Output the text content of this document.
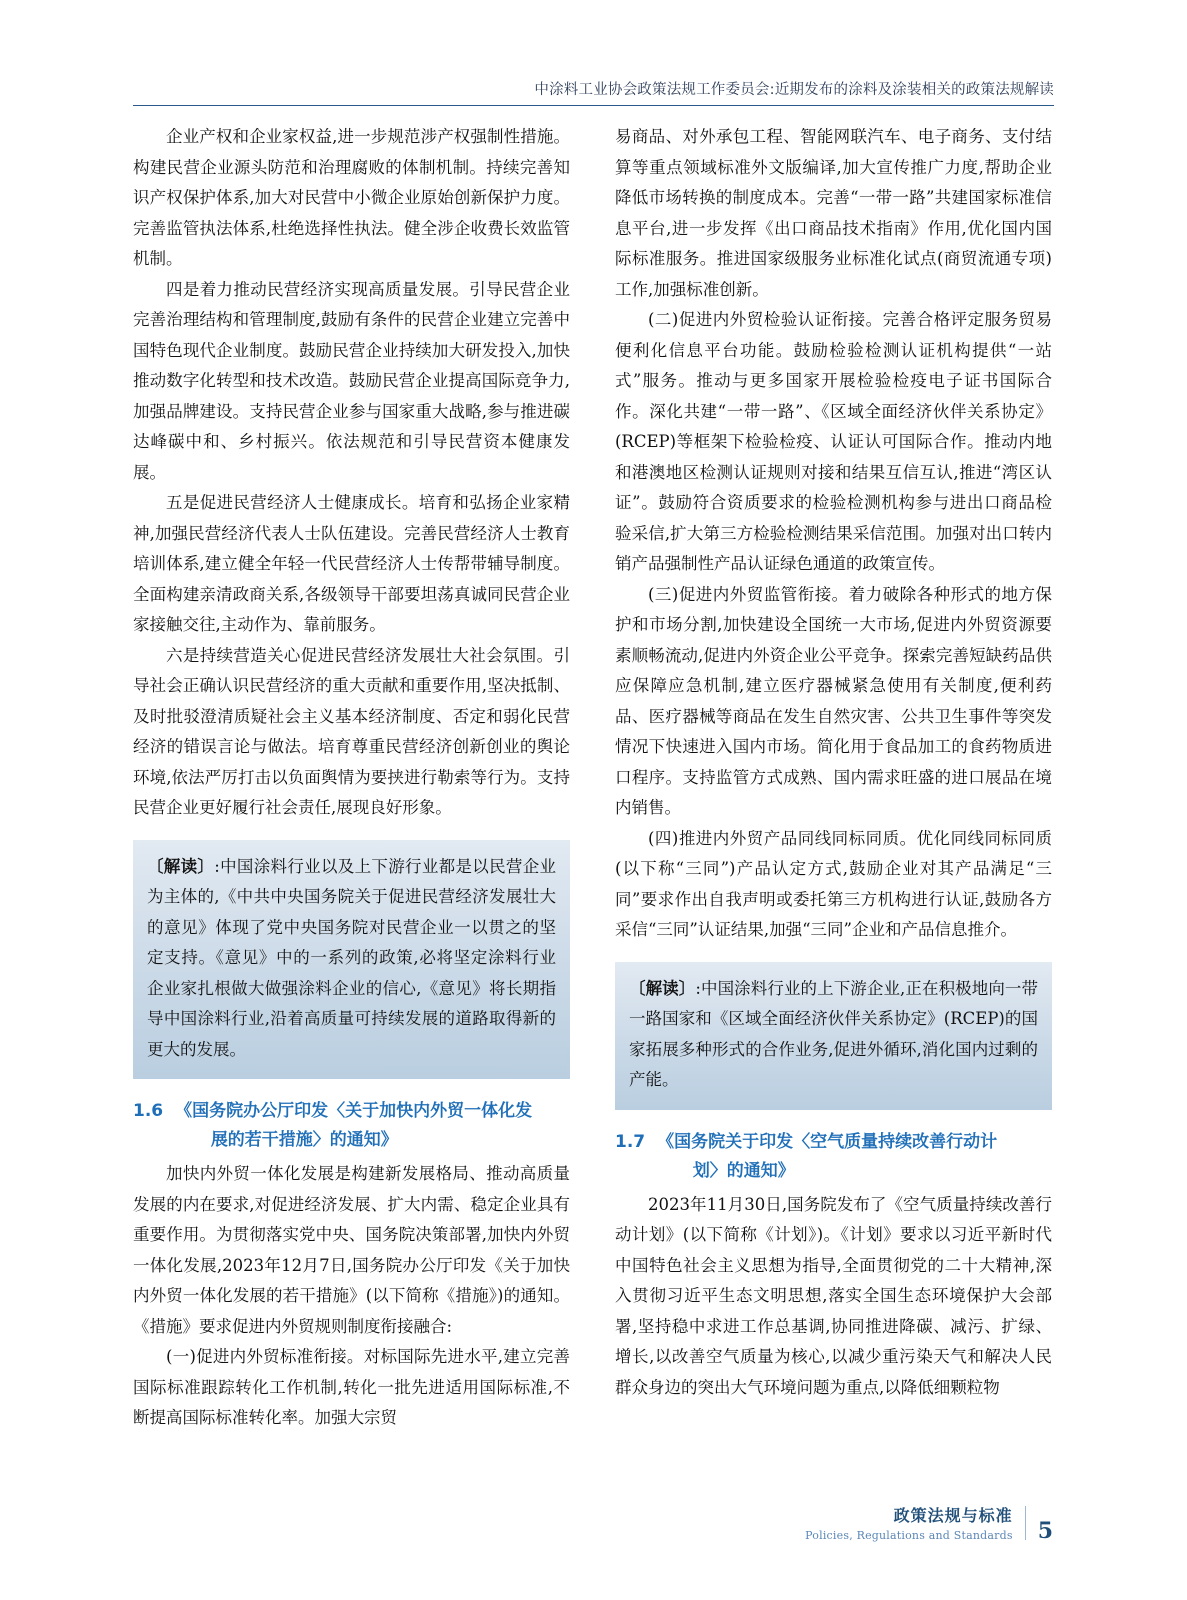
中涂料工业协会政策法规工作委员会:近期发布的涂料及涂装相关的政策法规解读

企业产权和企业家权益,进一步规范涉产权强制性措施。构建民营企业源头防范和治理腐败的体制机制。持续完善知识产权保护体系,加大对民营中小微企业原始创新保护力度。完善监管执法体系,杜绝选择性执法。健全涉企收费长效监管机制。

四是着力推动民营经济实现高质量发展。引导民营企业完善治理结构和管理制度,鼓励有条件的民营企业建立完善中国特色现代企业制度。鼓励民营企业持续加大研发投入,加快推动数字化转型和技术改造。鼓励民营企业提高国际竞争力,加强品牌建设。支持民营企业参与国家重大战略,参与推进碳达峰碳中和、乡村振兴。依法规范和引导民营资本健康发展。

五是促进民营经济人士健康成长。培育和弘扬企业家精神,加强民营经济代表人士队伍建设。完善民营经济人士教育培训体系,建立健全年轻一代民营经济人士传帮带辅导制度。全面构建亲清政商关系,各级领导干部要坦荡真诚同民营企业家接触交往,主动作为、靠前服务。

六是持续营造关心促进民营经济发展壮大社会氛围。引导社会正确认识民营经济的重大贡献和重要作用,坚决抵制、及时批驳澄清质疑社会主义基本经济制度、否定和弱化民营经济的错误言论与做法。培育尊重民营经济创新创业的舆论环境,依法严厉打击以负面舆情为要挟进行勒索等行为。支持民营企业更好履行社会责任,展现良好形象。

〔解读〕:中国涂料行业以及上下游行业都是以民营企业为主体的,《中共中央国务院关于促进民营经济发展壮大的意见》体现了党中央国务院对民营企业一以贯之的坚定支持。《意见》中的一系列的政策,必将坚定涂料行业企业家扎根做大做强涂料企业的信心,《意见》将长期指导中国涂料行业,沿着高质量可持续发展的道路取得新的更大的发展。
1.6 《国务院办公厅印发〈关于加快内外贸一体化发
展的若干措施〉的通知》

加快内外贸一体化发展是构建新发展格局、推动高质量发展的内在要求,对促进经济发展、扩大内需、稳定企业具有重要作用。为贯彻落实党中央、国务院决策部署,加快内外贸一体化发展,2023年12月7日,国务院办公厅印发《关于加快内外贸一体化发展的若干措施》(以下简称《措施》)的通知。《措施》要求促进内外贸规则制度衔接融合:

(一)促进内外贸标准衔接。对标国际先进水平,建立完善国际标准跟踪转化工作机制,转化一批先进适用国际标准,不断提高国际标准转化率。加强大宗贸

易商品、对外承包工程、智能网联汽车、电子商务、支付结算等重点领域标准外文版编译,加大宣传推广力度,帮助企业降低市场转换的制度成本。完善“一带一路”共建国家标准信息平台,进一步发挥《出口商品技术指南》作用,优化国内国际标准服务。推进国家级服务业标准化试点(商贸流通专项)工作,加强标准创新。

(二)促进内外贸检验认证衔接。完善合格评定服务贸易便利化信息平台功能。鼓励检验检测认证机构提供“一站式”服务。推动与更多国家开展检验检疫电子证书国际合作。深化共建“一带一路”、《区域全面经济伙伴关系协定》(RCEP)等框架下检验检疫、认证认可国际合作。推动内地和港澳地区检测认证规则对接和结果互信互认,推进“湾区认证”。鼓励符合资质要求的检验检测机构参与进出口商品检验采信,扩大第三方检验检测结果采信范围。加强对出口转内销产品强制性产品认证绿色通道的政策宣传。

(三)促进内外贸监管衔接。着力破除各种形式的地方保护和市场分割,加快建设全国统一大市场,促进内外贸资源要素顺畅流动,促进内外资企业公平竞争。探索完善短缺药品供应保障应急机制,建立医疗器械紧急使用有关制度,便利药品、医疗器械等商品在发生自然灾害、公共卫生事件等突发情况下快速进入国内市场。简化用于食品加工的食药物质进口程序。支持监管方式成熟、国内需求旺盛的进口展品在境内销售。

(四)推进内外贸产品同线同标同质。优化同线同标同质(以下称“三同”)产品认定方式,鼓励企业对其产品满足“三同”要求作出自我声明或委托第三方机构进行认证,鼓励各方采信“三同”认证结果,加强“三同”企业和产品信息推介。

〔解读〕:中国涂料行业的上下游企业,正在积极地向一带一路国家和《区域全面经济伙伴关系协定》(RCEP)的国家拓展多种形式的合作业务,促进外循环,消化国内过剩的产能。
1.7 《国务院关于印发〈空气质量持续改善行动计
划〉的通知》

2023年11月30日,国务院发布了《空气质量持续改善行动计划》(以下简称《计划》)。《计划》要求以习近平新时代中国特色社会主义思想为指导,全面贯彻党的二十大精神,深入贯彻习近平生态文明思想,落实全国生态环境保护大会部署,坚持稳中求进工作总基调,协同推进降碳、减污、扩绿、增长,以改善空气质量为核心,以减少重污染天气和解决人民群众身边的突出大气环境问题为重点,以降低细颗粒物

政策法规与标准
Policies, Regulations and Standards 5
